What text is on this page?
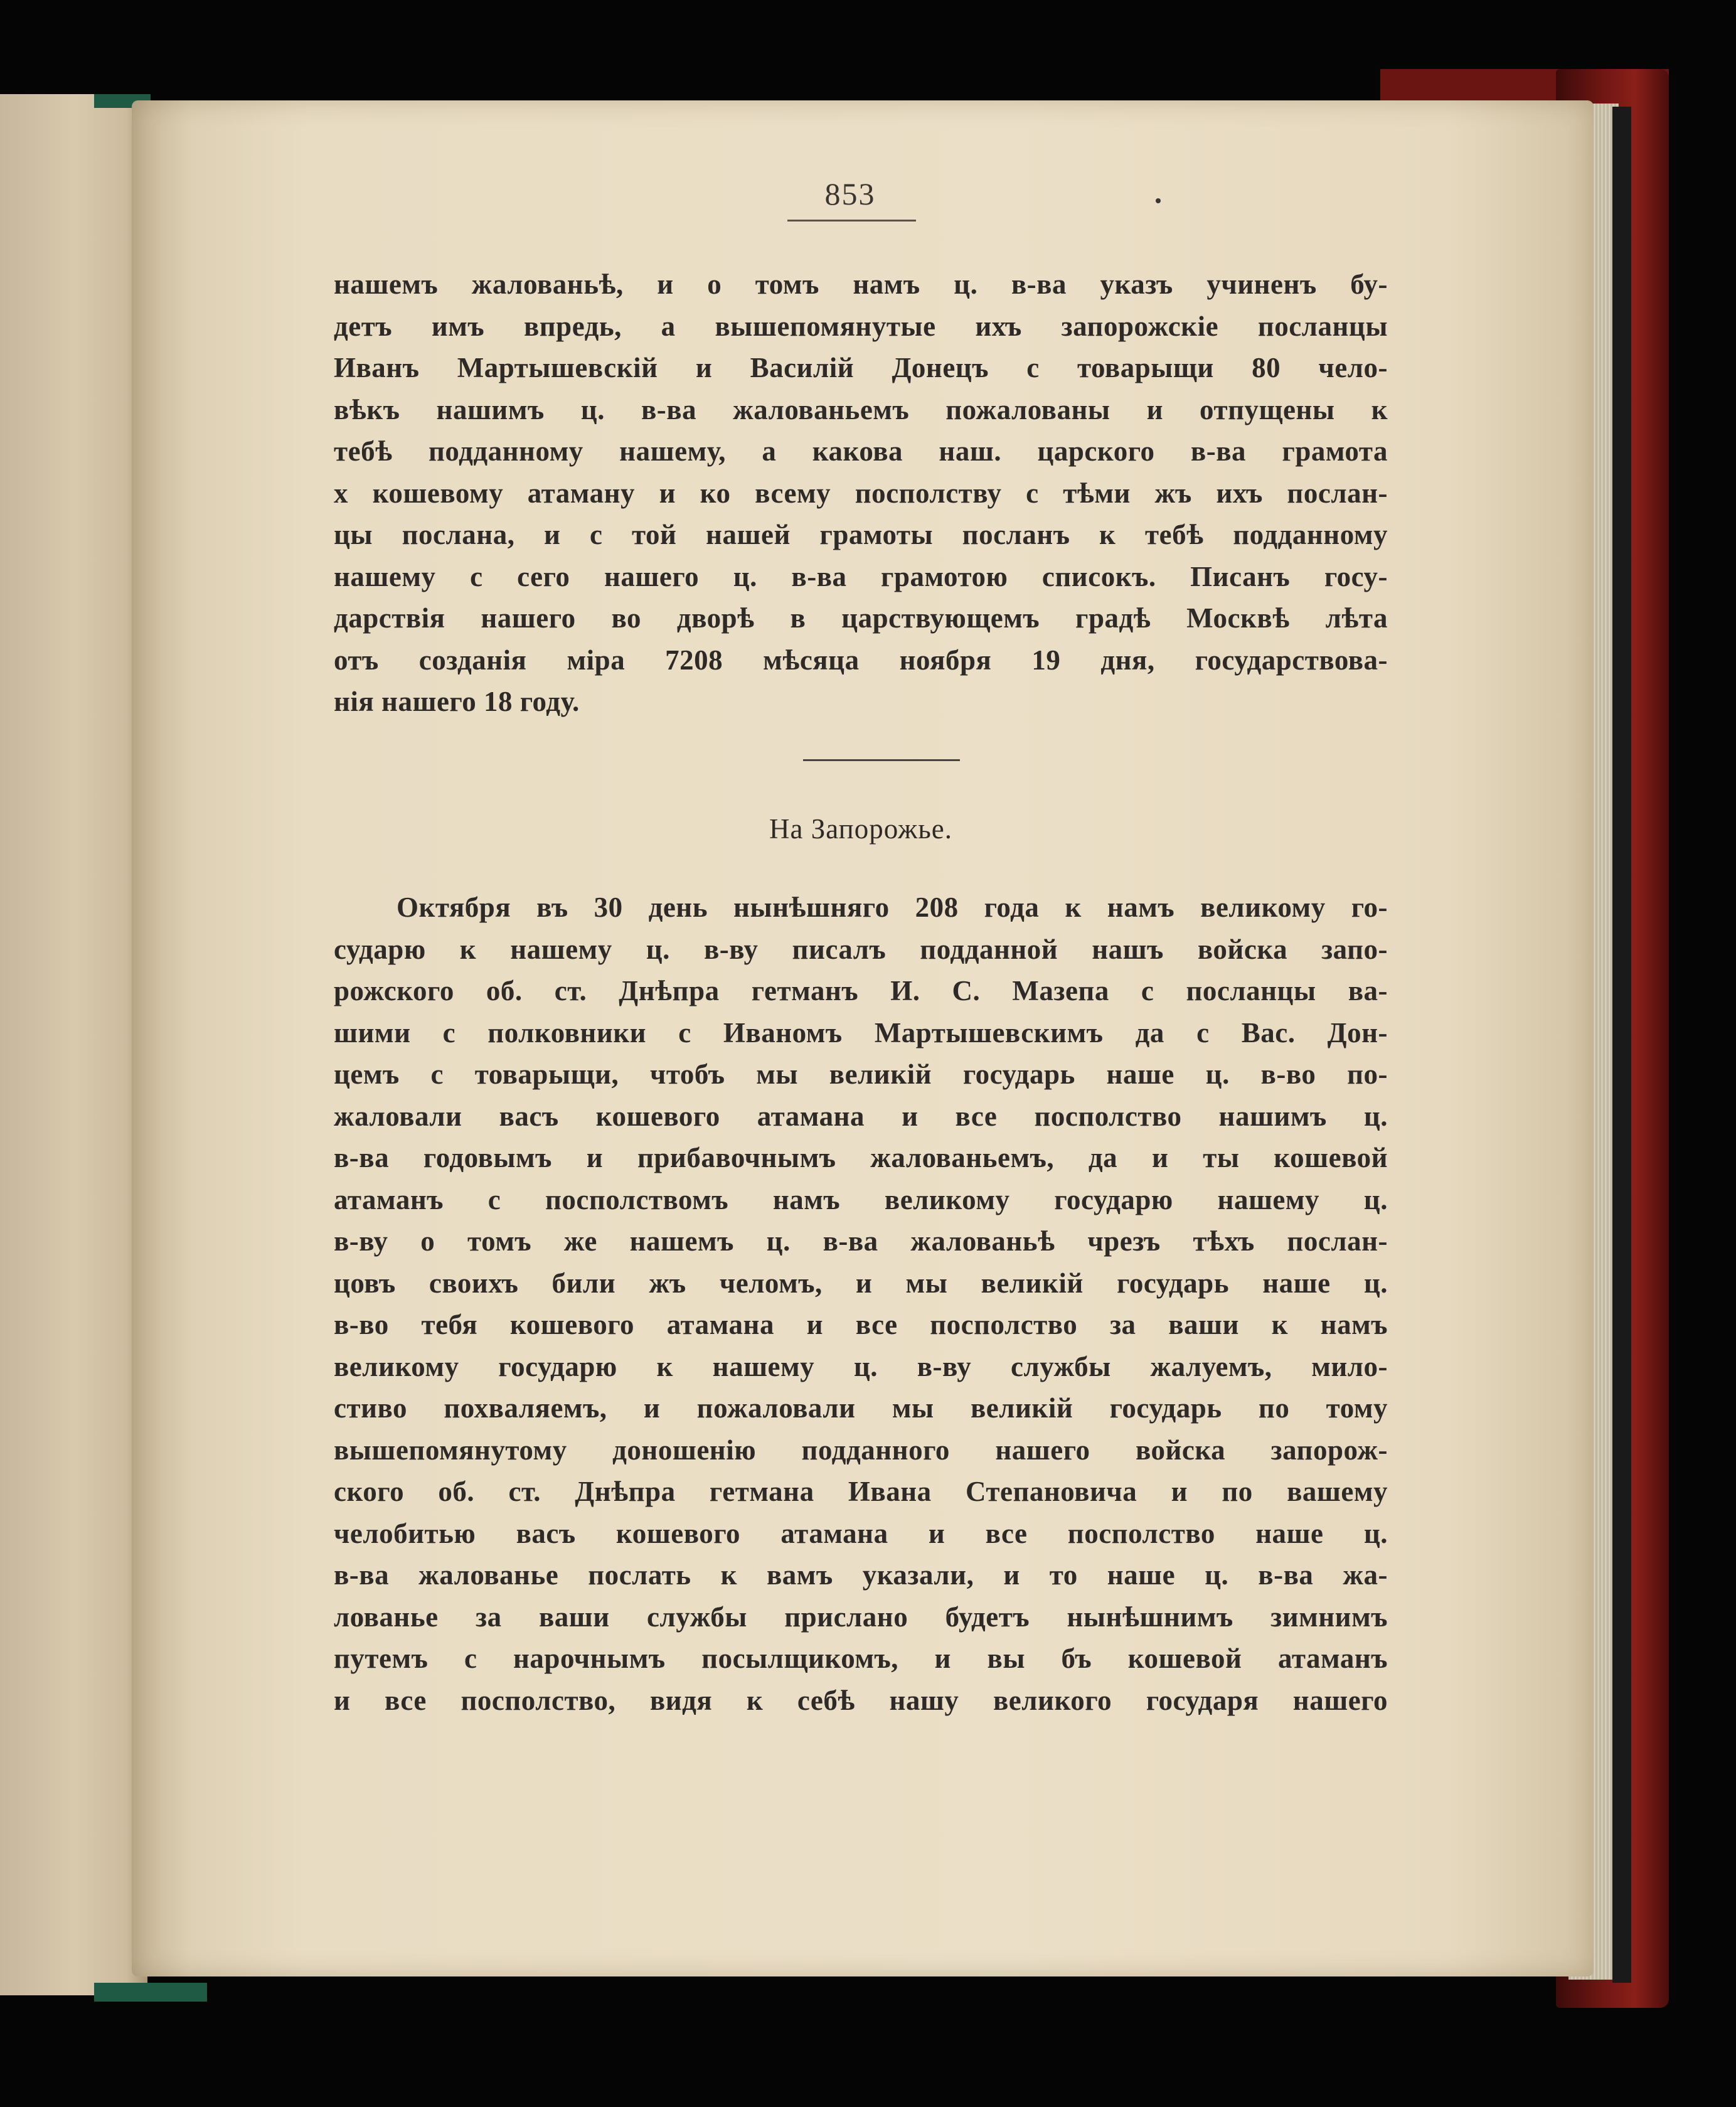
853
нашемъ жалованьѣ, и о томъ намъ ц. в-ва указъ учиненъ бу-
детъ имъ впредь, а вышепомянутые ихъ запорожскіе посланцы
Иванъ Мартышевскій и Василій Донецъ с товарыщи 80 чело-
вѣкъ нашимъ ц. в-ва жалованьемъ пожалованы и отпущены к
тебѣ подданному нашему, а какова наш. царского в-ва грамота
х кошевому атаману и ко всему посполству с тѣми жъ ихъ послан-
цы послана, и с той нашей грамоты посланъ к тебѣ подданному
нашему с сего нашего ц. в-ва грамотою списокъ. Писанъ госу-
дарствія нашего во дворѣ в царствующемъ градѣ Москвѣ лѣта
отъ созданія міра 7208 мѣсяца ноября 19 дня, государствова-
нія нашего 18 году.
На Запорожье.
Октября въ 30 день нынѣшняго 208 года к намъ великому го-
сударю к нашему ц. в-ву писалъ подданной нашъ войска запо-
рожского об. ст. Днѣпра гетманъ И. С. Мазепа с посланцы ва-
шими с полковники с Иваномъ Мартышевскимъ да с Вас. Дон-
цемъ с товарыщи, чтобъ мы великій государь наше ц. в-во по-
жаловали васъ кошевого атамана и все посполство нашимъ ц.
в-ва годовымъ и прибавочнымъ жалованьемъ, да и ты кошевой
атаманъ с посполствомъ намъ великому государю нашему ц.
в-ву о томъ же нашемъ ц. в-ва жалованьѣ чрезъ тѣхъ послан-
цовъ своихъ били жъ челомъ, и мы великій государь наше ц.
в-во тебя кошевого атамана и все посполство за ваши к намъ
великому государю к нашему ц. в-ву службы жалуемъ, мило-
стиво похваляемъ, и пожаловали мы великій государь по тому
вышепомянутому доношенію подданного нашего войска запорож-
ского об. ст. Днѣпра гетмана Ивана Степановича и по вашему
челобитью васъ кошевого атамана и все посполство наше ц.
в-ва жалованье послать к вамъ указали, и то наше ц. в-ва жа-
лованье за ваши службы прислано будетъ нынѣшнимъ зимнимъ
путемъ с нарочнымъ посылщикомъ, и вы бъ кошевой атаманъ
и все посполство, видя к себѣ нашу великого государя нашего
